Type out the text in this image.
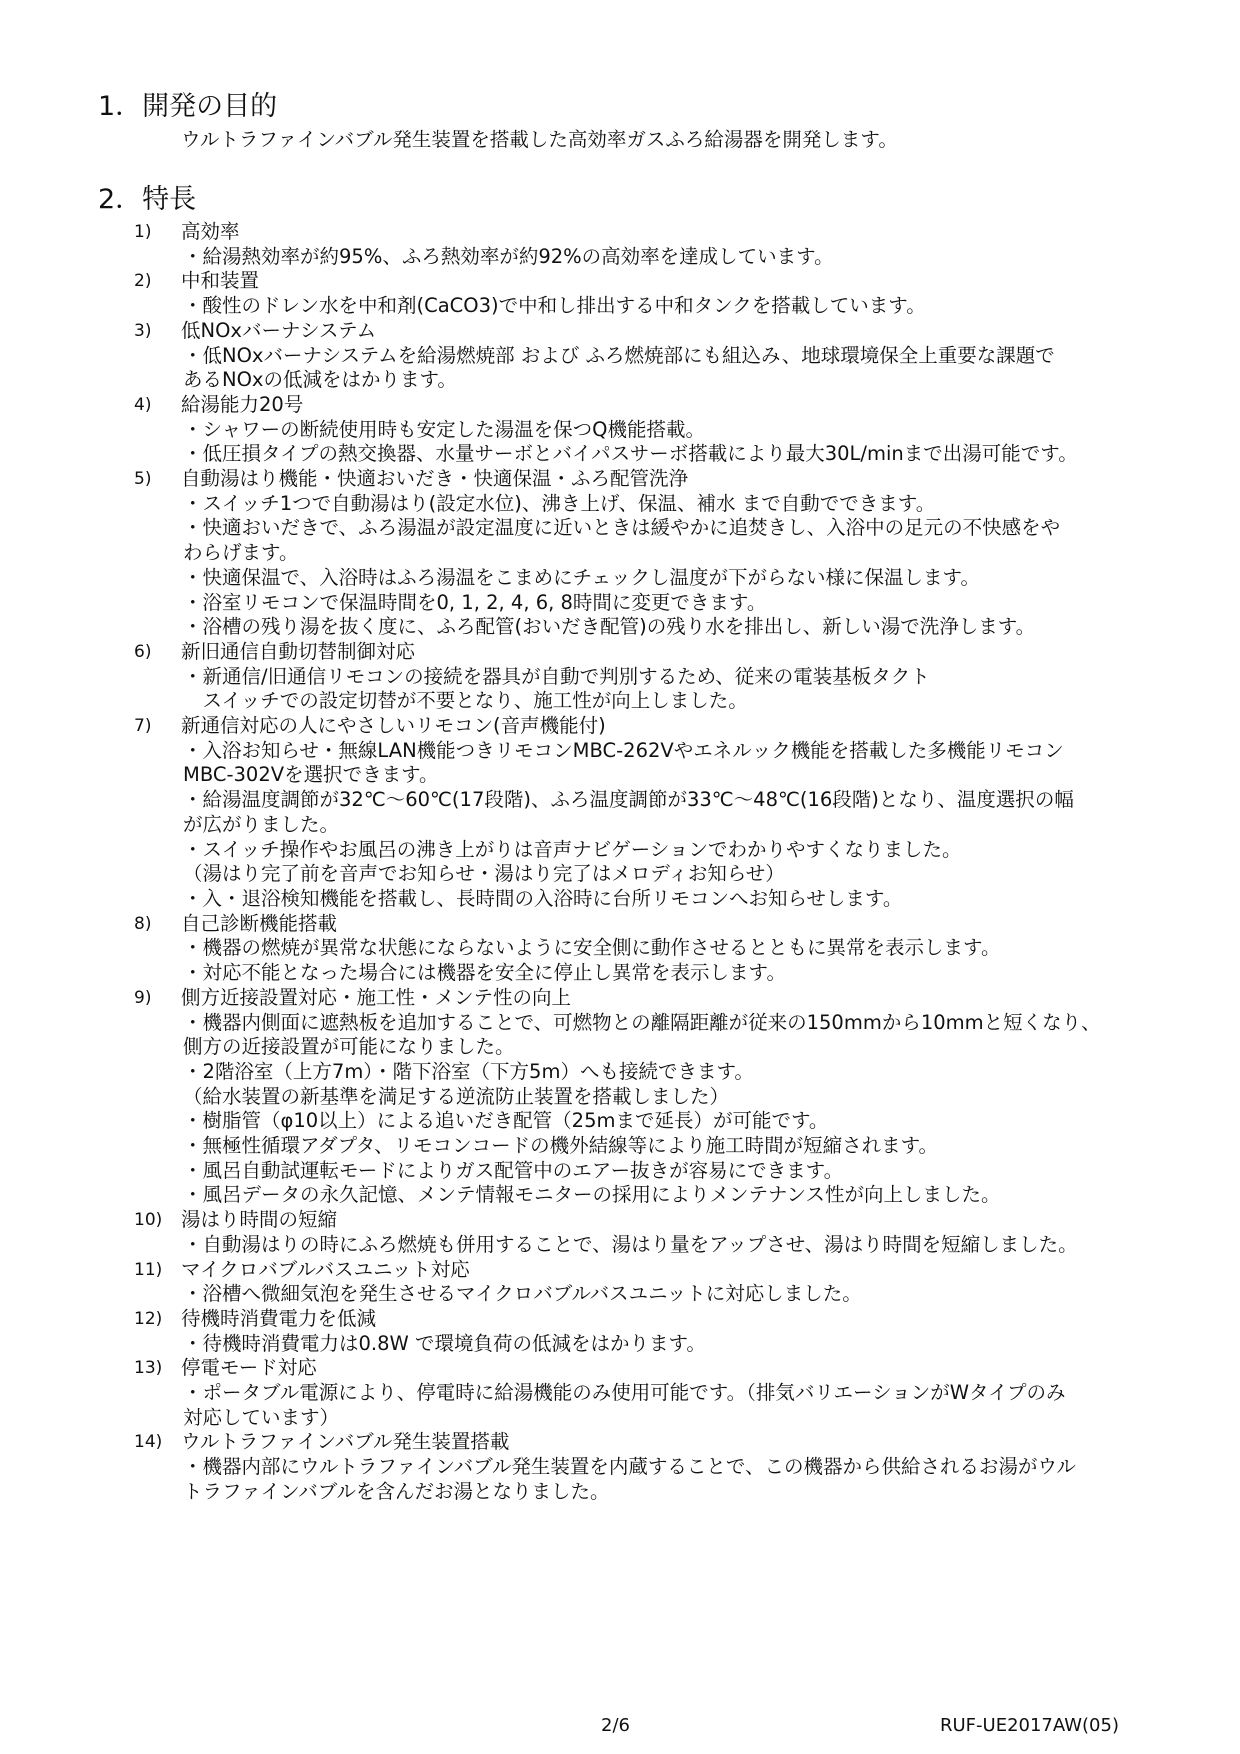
1．開発の目的
ウルトラファインバブル発生装置を搭載した高効率ガスふろ給湯器を開発します。
2．特長
1)	高効率
・給湯熱効率が約95%、ふろ熱効率が約92%の高効率を達成しています。
2)	中和装置
・酸性のドレン水を中和剤(CaCO3)で中和し排出する中和タンクを搭載しています。
3)	低NOxバーナシステム
・低NOxバーナシステムを給湯燃焼部 および ふろ燃焼部にも組込み、地球環境保全上重要な課題で
あるNOxの低減をはかります。
4)	給湯能力20号
・シャワーの断続使用時も安定した湯温を保つQ機能搭載。
・低圧損タイプの熱交換器、水量サーボとバイパスサーボ搭載により最大30L/minまで出湯可能です。
5)	自動湯はり機能・快適おいだき・快適保温・ふろ配管洗浄
・スイッチ1つで自動湯はり(設定水位)、沸き上げ、保温、補水 まで自動でできます。
・快適おいだきで、ふろ湯温が設定温度に近いときは緩やかに追焚きし、入浴中の足元の不快感をや
わらげます。
・快適保温で、入浴時はふろ湯温をこまめにチェックし温度が下がらない様に保温します。
・浴室リモコンで保温時間を0, 1, 2, 4, 6, 8時間に変更できます。
・浴槽の残り湯を抜く度に、ふろ配管(おいだき配管)の残り水を排出し、新しい湯で洗浄します。
6)	新旧通信自動切替制御対応
・新通信/旧通信リモコンの接続を器具が自動で判別するため、従来の電装基板タクト
　スイッチでの設定切替が不要となり、施工性が向上しました。
7)	新通信対応の人にやさしいリモコン(音声機能付)
・入浴お知らせ・無線LAN機能つきリモコンMBC-262Vやエネルック機能を搭載した多機能リモコン
MBC-302Vを選択できます。
・給湯温度調節が32℃～60℃(17段階)、ふろ温度調節が33℃～48℃(16段階)となり、温度選択の幅
が広がりました。
・スイッチ操作やお風呂の沸き上がりは音声ナビゲーションでわかりやすくなりました。
（湯はり完了前を音声でお知らせ・湯はり完了はメロディお知らせ）
・入・退浴検知機能を搭載し、長時間の入浴時に台所リモコンへお知らせします。
8)	自己診断機能搭載
・機器の燃焼が異常な状態にならないように安全側に動作させるとともに異常を表示します。
・対応不能となった場合には機器を安全に停止し異常を表示します。
9)	側方近接設置対応・施工性・メンテ性の向上
・機器内側面に遮熱板を追加することで、可燃物との離隔距離が従来の150mmから10mmと短くなり、
側方の近接設置が可能になりました。
・2階浴室（上方7m）・階下浴室（下方5m）へも接続できます。
（給水装置の新基準を満足する逆流防止装置を搭載しました）
・樹脂管（φ10以上）による追いだき配管（25mまで延長）が可能です。
・無極性循環アダプタ、リモコンコードの機外結線等により施工時間が短縮されます。
・風呂自動試運転モードによりガス配管中のエアー抜きが容易にできます。
・風呂データの永久記憶、メンテ情報モニターの採用によりメンテナンス性が向上しました。
10) 湯はり時間の短縮
・自動湯はりの時にふろ燃焼も併用することで、湯はり量をアップさせ、湯はり時間を短縮しました。
11) マイクロバブルバスユニット対応
・浴槽へ微細気泡を発生させるマイクロバブルバスユニットに対応しました。
12) 待機時消費電力を低減
・待機時消費電力は0.8W で環境負荷の低減をはかります。
13) 停電モード対応
・ポータブル電源により、停電時に給湯機能のみ使用可能です。（排気バリエーションがWタイプのみ
対応しています）
14) ウルトラファインバブル発生装置搭載
・機器内部にウルトラファインバブル発生装置を内蔵することで、この機器から供給されるお湯がウル
トラファインバブルを含んだお湯となりました。
2/6	RUF-UE2017AW(05)
